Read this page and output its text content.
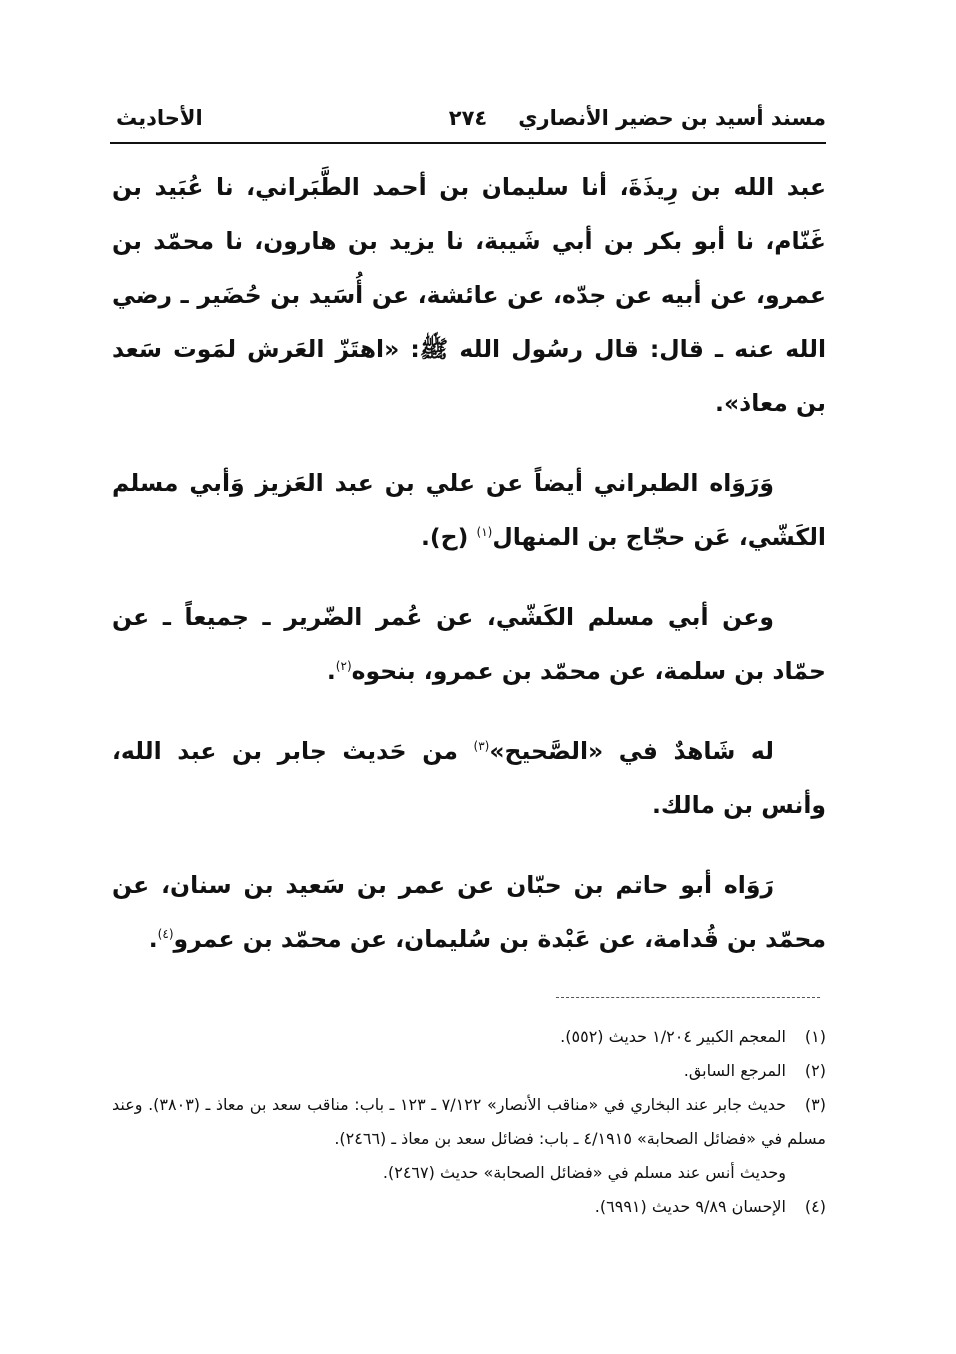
مسند أسيد بن حضير الأنصاري
٢٧٤
الأحاديث

عبد الله بن رِيذَةَ، أنا سليمان بن أحمد الطَّبَراني، نا عُبَيد بن غَنّام، نا أبو بكر بن أبي شَيبة، نا يزيد بن هارون، نا محمّد بن عمرو، عن أبيه عن جدّه، عن عائشة، عن أُسَيد بن حُضَير ـ رضي الله عنه ـ قال: قال رسُول الله ﷺ: «اهتَزّ العَرش لمَوت سَعد بن معاذ».

وَرَوَاه الطبراني أيضاً عن علي بن عبد العَزيز وَأبي مسلم الكَشّي، عَن حجّاج بن المنهال$^{(١)}$ (ح).

وعن أبي مسلم الكَشّي، عن عُمر الضّرير ـ جميعاً ـ عن حمّاد بن سلمة، عن محمّد بن عمرو، بنحوه$^{(٢)}$.

له شَاهدٌ في «الصَّحيح»$^{(٣)}$ من حَديث جابر بن عبد الله، وأنس بن مالك.

رَوَاه أبو حاتم بن حبّان عن عمر بن سَعيد بن سنان، عن محمّد بن قُدامة، عن عَبْدة بن سُليمان، عن محمّد بن عمرو$^{(٤)}$.

(١)المعجم الكبير ١/٢٠٤ حديث (٥٥٢).

(٢)المرجع السابق.

(٣)حديث جابر عند البخاري في «مناقب الأنصار» ٧/١٢٢ ـ ١٢٣ ـ باب: مناقب سعد بن معاذ ـ (٣٨٠٣). وعند مسلم في «فضائل الصحابة» ٤/١٩١٥ ـ باب: فضائل سعد بن معاذ ـ (٢٤٦٦).

وحديث أنس عند مسلم في «فضائل الصحابة» حديث (٢٤٦٧).

(٤)الإحسان ٩/٨٩ حديث (٦٩٩١).
